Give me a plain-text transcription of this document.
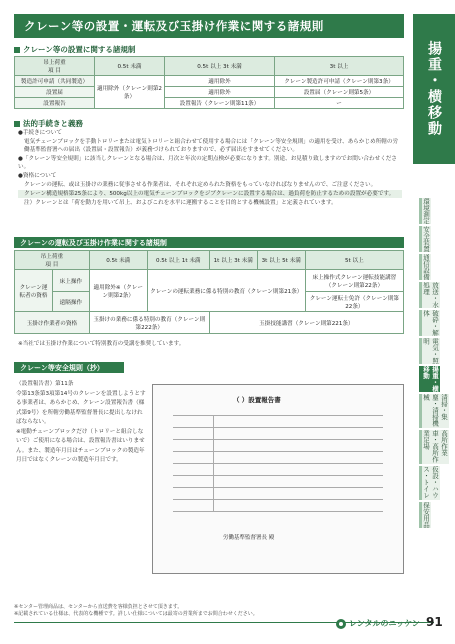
クレーン等の設置・運転及び玉掛け作業に関する諸規則
揚重・横移動
環境測定
安全装置
通信設備
放送・水処理
破砕・解体
電気・照明
揚重・横移動
清掃・集塵・清掃機械
高所作業車・高所作業足場
仮設・ハウス・トイレ
保安用品
クレーン等の設置に関する諸規制
吊上荷重
項 目	0.5t 未満	0.5t 以上 3t 未満	3t 以上
製造許可申請（共同製造）	適用除外（クレーン則第2条）	適用除外	クレーン製造許可申請（クレーン則第3条）
設置届		適用除外	設置届（クレーン則第5条）
設置報告		設置報告（クレーン則第11条）	ー
法的手続きと義務

●手続きについて

電気チェーンブロックを手動トロリーまたは電気トロリーと組合わせて使用する場合には「クレーン等安全規則」の適用を受け、あらかじめ所轄の労働基準監督署への届出（設置届・設置報告）が義務づけられておりますので、必ず届出をすませてください。

●「クレーン等安全規則」に該当しクレーンとなる場合は、月次と年次の定期点検が必要になります。別途、お見積り致しますのでお問い合わせください。

●資格について

クレーンの運転、或は玉掛けの業務に従事させる作業者は、それぞれ定められた資格をもっていなければなりませんので、ご注意ください。

クレーン構造規格第25条により、500kg以上の電気チェーンブロックをジブクレーンに設置する場合は、過負荷を防止するための設置が必要です。

注）クレーンとは「荷を動力を用いて吊上、およびこれを水平に運搬することを目的とする機械設置」と定義されています。

クレーンの運転及び玉掛け作業に関する諸規制
吊上荷重
項 目		0.5t 未満	0.5t 以上 1t 未満	1t 以上 3t 未満	3t 以上 5t 未満	5t 以上
クレーン運転者の資格	床上操作	適用除外※（クレーン則第2条）	クレーンの運転業務に係る特別の教育（クレーン則第21条）			床上操作式クレーン運転技能講習（クレーン則第22条）
	遠隔操作					クレーン運転士免許（クレーン則第22条）
玉掛け作業者の資格		玉掛けの業務に係る特別の教育（クレーン則第222条）		玉掛技能講習（クレーン則第221条）		
※当社では玉掛け作業について特別教育の受講を推奨しています。
クレーン等安全規則（抄）
（設置報告書）第11条
令第13条第3項第14号のクレーンを設置しようとする事業者は、あらかじめ、クレーン設置報告書（様式第9号）を所轄労働基準監督署長に提出しなければならない。
※電動チェーンブロックだけ（トロリーと組合しないで）ご使用になる場合は、設置報告書はいりません。また、製造年月日はチェーンブロックの製造年月日ではなくクレーンの製造年月日です。
（ ）設置報告書
労働基準監督署長 殿
※センター管理商品は、センターから直送費を客様負担とさせて頂きます。
※記載されている仕様は、代表的な機種です。詳しい仕様については最寄の営業所までお問合わせください。
レンタルのニッケン 91
